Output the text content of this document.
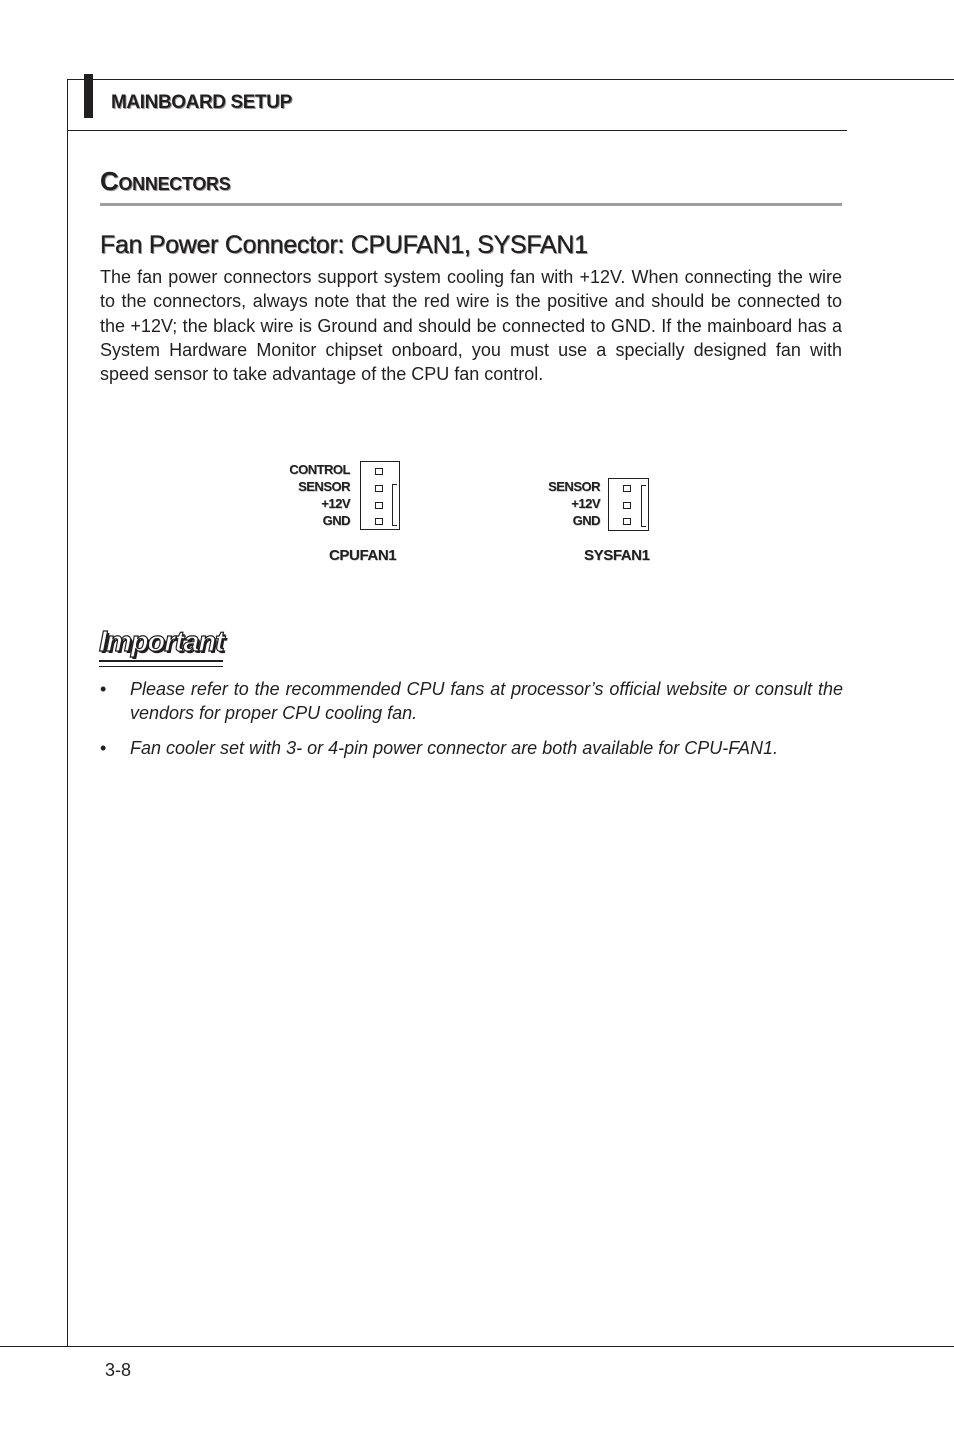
MAINBOARD SETUP
Connectors
Fan Power Connector: CPUFAN1, SYSFAN1
The fan power connectors support system cooling fan with +12V. When connecting the wire to the connectors, always note that the red wire is the positive and should be connected to the +12V; the black wire is Ground and should be connected to GND. If the mainboard has a System Hardware Monitor chipset onboard, you must use a specially designed fan with speed sensor to take advantage of the CPU fan control.
CONTROL
SENSOR
+12V
GND
CPUFAN1
SENSOR
+12V
GND
SYSFAN1
Important
• Please refer to the recommended CPU fans at processor’s official website or consult the vendors for proper CPU cooling fan.
• Fan cooler set with 3- or 4-pin power connector are both available for CPU-FAN1.
3-8
